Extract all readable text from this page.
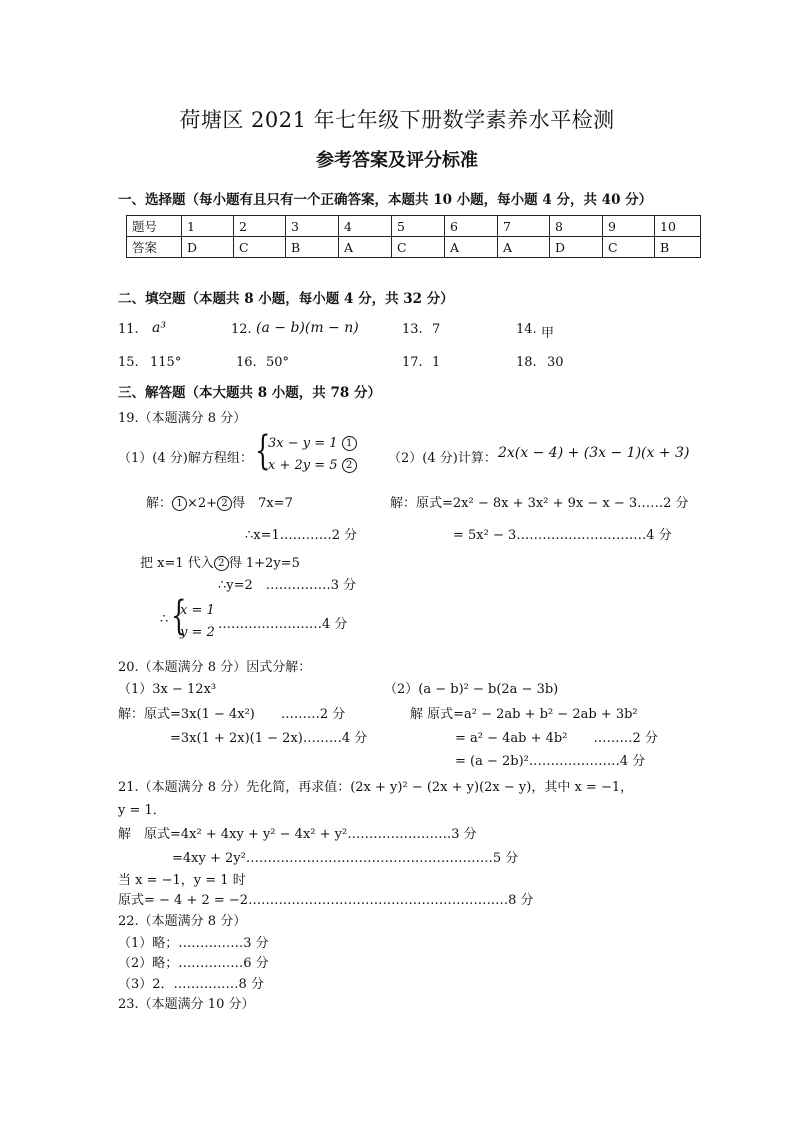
荷塘区 2021 年七年级下册数学素养水平检测
参考答案及评分标准
一、选择题（每小题有且只有一个正确答案，本题共 10 小题，每小题 4 分，共 40 分）
题号	1	2	3	4	5	6	7	8	9	10
答案	D	C	B	A	C	A	A	D	C	B
二、填空题（本题共 8 小题，每小题 4 分，共 32 分）
11. a³	12. (a − b)(m − n)	13. 7	14. 甲
15. 115°	16. 50°	17. 1	18. 30
三、解答题（本大题共 8 小题，共 78 分）
19.（本题满分 8 分）
（1）(4 分)解方程组： {
3x − y = 1 1
x + 2y = 5 2	（2）(4 分)计算： 2x(x − 4) + (3x − 1)(x + 3)
解： 1 ×2+ 2 得　7x=7
∴x=1…………2 分
把 x=1 代入 2 得 1+2y=5
∴y=2　……………3 分
∴ {
x = 1
y = 2
……………………4 分
解：原式=2x² − 8x + 3x² + 9x − x − 3……2 分
= 5x² − 3…………………………4 分
20.（本题满分 8 分）因式分解：
（1）3x − 12x³	（2）(a − b)² − b(2a − 3b)
解：原式=3x(1 − 4x²)　　………2 分
=3x(1 + 2x)(1 − 2x)………4 分
解 原式=a² − 2ab + b² − 2ab + 3b²
= a² − 4ab + 4b²　　………2 分
= (a − 2b)²…………………4 分
21.（本题满分 8 分）先化简，再求值：(2x + y)² − (2x + y)(2x − y)，其中 x = −1，
y = 1．
解　原式=4x² + 4xy + y² − 4x² + y²……………………3 分
=4xy + 2y²…………………………………………………5 分
当 x = −1，y = 1 时
原式= − 4 + 2 = −2……………………………………………………8 分
22.（本题满分 8 分）
（1）略；……………3 分
（2）略；……………6 分
（3）2．……………8 分
23.（本题满分 10 分）
